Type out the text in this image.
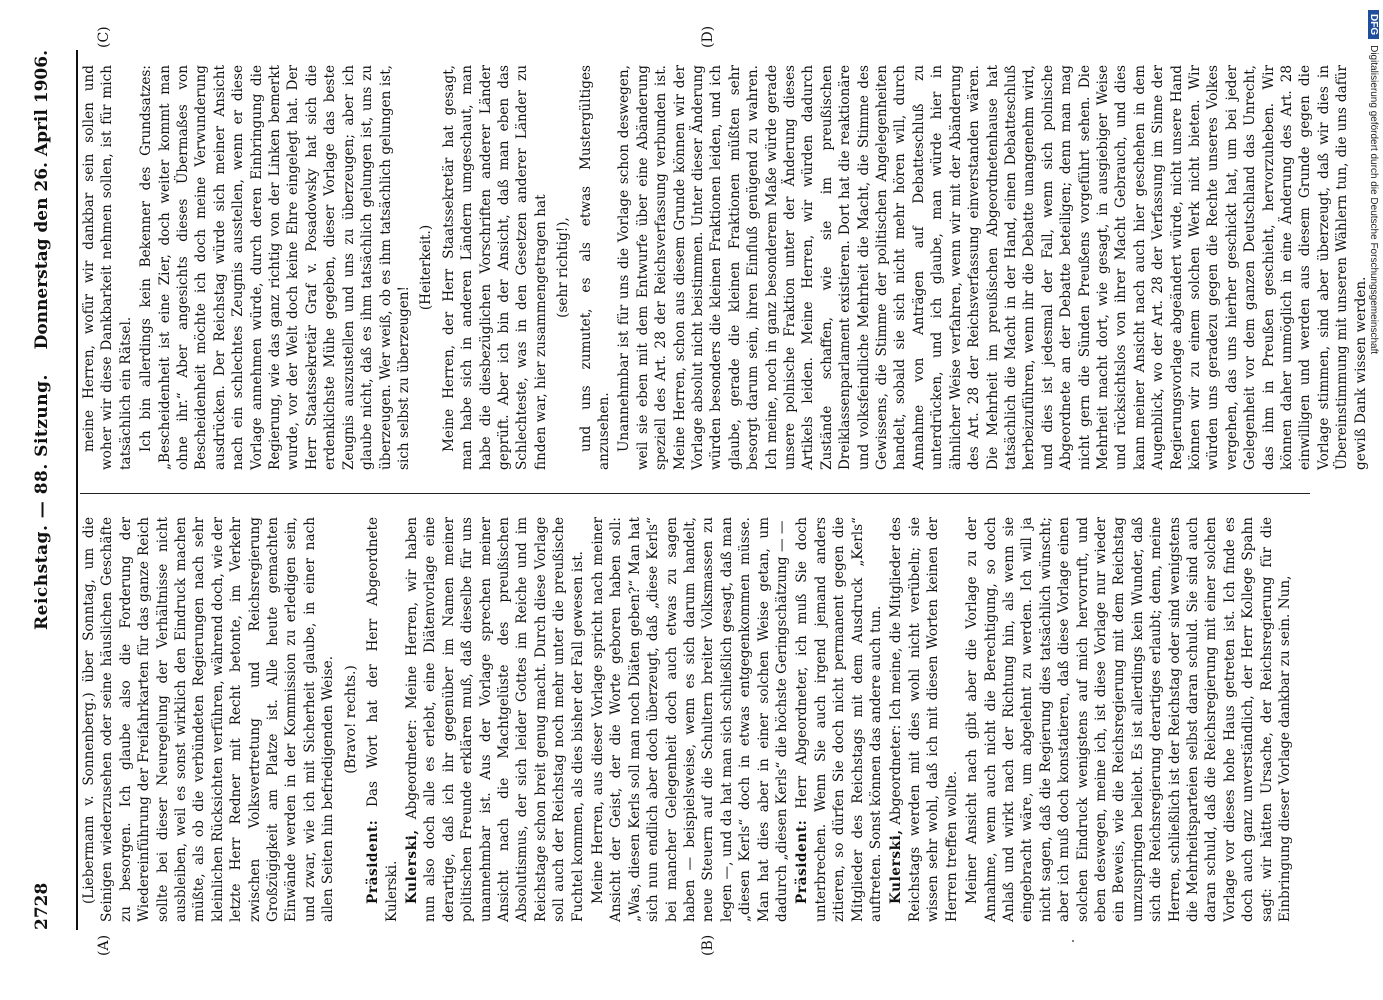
2728
Reichstag. — 88. Sitzung.
Donnerstag den 26. April 1906.
(A)	(B)
(C)	(D)

(Liebermann v. Sonnenberg.) über Sonntag, um die Seinigen wiederzusehen oder seine häuslichen Geschäfte zu besorgen. Ich glaube also die Forderung der Wiedereinführung der Freifahrkarten für das ganze Reich sollte bei dieser Neuregelung der Verhältnisse nicht ausbleiben, weil es sonst wirklich den Eindruck machen müßte, als ob die verbündeten Regierungen nach sehr kleinlichen Rücksichten verführen, während doch, wie der letzte Herr Redner mit Recht betonte, im Verkehr zwischen Volksvertretung und Reichsregierung Großzügigkeit am Platze ist. Alle heute gemachten Einwände werden in der Kommission zu erledigen sein, und zwar, wie ich mit Sicherheit glaube, in einer nach allen Seiten hin befriedigenden Weise. (Bravo! rechts.)

Präsident: Das Wort hat der Herr Abgeordnete Kulerski. Kulerski, Abgeordneter: Meine Herren, wir haben nun also doch alle es erlebt, eine Diätenvorlage eine derartige, daß ich ihr gegenüber im Namen meiner politischen Freunde erklären muß, daß dieselbe für uns unannehmbar ist. Aus der Vorlage sprechen meiner Ansicht nach die Machtgelüste des preußischen Absolutismus, der sich leider Gottes im Reiche und im Reichstage schon breit genug macht. Durch diese Vorlage soll auch der Reichstag noch mehr unter die preußische Fuchtel kommen, als dies bisher der Fall gewesen ist. Meine Herren, aus dieser Vorlage spricht nach meiner Ansicht der Geist, der die Worte geboren haben soll: „Was, diesen Kerls soll man noch Diäten geben?“ Man hat sich nun endlich aber doch überzeugt, daß „diese Kerls“ bei mancher Gelegenheit doch auch etwas zu sagen haben — beispielsweise, wenn es sich darum handelt, neue Steuern auf die Schultern breiter Volksmassen zu legen —, und da hat man sich schließlich gesagt, daß man „diesen Kerls“ doch in etwas entgegenkommen müsse. Man hat dies aber in einer solchen Weise getan, um dadurch „diesen Kerls“ die höchste Geringschätzung — — Präsident: Herr Abgeordneter, ich muß Sie doch unterbrechen. Wenn Sie auch irgend jemand anders zitieren, so dürfen Sie doch nicht permanent gegen die Mitglieder des Reichstags mit dem Ausdruck „Kerls“ auftreten. Sonst können das andere auch tun. Kulerski, Abgeordneter: Ich meine, die Mitglieder des Reichstags werden mit dies wohl nicht verübeln; sie wissen sehr wohl, daß ich mit diesen Worten keinen der Herren treffen wollte. Meiner Ansicht nach gibt aber die Vorlage zu der Annahme, wenn auch nicht die Berechtigung, so doch Anlaß und wirkt nach der Richtung hin, als wenn sie eingebracht wäre, um abgelehnt zu werden. Ich will ja nicht sagen, daß die Regierung dies tatsächlich wünscht; aber ich muß doch konstatieren, daß diese Vorlage einen solchen Eindruck wenigstens auf mich hervorruft, und eben deswegen, meine ich, ist diese Vorlage nur wieder ein Beweis, wie die Reichsregierung mit dem Reichstag umzuspringen beliebt. Es ist allerdings kein Wunder, daß sich die Reichsregierung derartiges erlaubt; denn, meine Herren, schließlich ist der Reichstag oder sind wenigstens die Mehrheitsparteien selbst daran schuld. Sie sind auch daran schuld, daß die Reichsregierung mit einer solchen Vorlage vor dieses hohe Haus getreten ist. Ich finde es doch auch ganz unverständlich, der Herr Kollege Spahn sagt: wir hätten Ursache, der Reichsregierung für die Einbringung dieser Vorlage dankbar zu sein. Nun,

meine Herren, wofür wir dankbar sein sollen und woher wir diese Dankbarkeit nehmen sollen, ist für mich tatsächlich ein Rätsel. Ich bin allerdings kein Bekenner des Grundsatzes: „Bescheidenheit ist eine Zier, doch weiter kommt man ohne ihr.“ Aber angesichts dieses Übermaßes von Bescheidenheit möchte ich doch meine Verwunderung ausdrücken. Der Reichstag würde sich meiner Ansicht nach ein schlechtes Zeugnis ausstellen, wenn er diese Vorlage annehmen würde, durch deren Einbringung die Regierung, wie das ganz richtig von der Linken bemerkt wurde, vor der Welt doch keine Ehre eingelegt hat. Der Herr Staatssekretär Graf v. Posadowsky hat sich die erdenklichste Mühe gegeben, dieser Vorlage das beste Zeugnis auszustellen und uns zu überzeugen; aber ich glaube nicht, daß es ihm tatsächlich gelungen ist, uns zu überzeugen. Wer weiß, ob es ihm tatsächlich gelungen ist, sich selbst zu überzeugen!

(Heiterkeit.) Meine Herren, der Herr Staatssekretär hat gesagt, man habe sich in anderen Ländern umgeschaut, man habe die diesbezüglichen Vorschriften anderer Länder geprüft. Aber ich bin der Ansicht, daß man eben das Schlechteste, was in den Gesetzen anderer Länder zu finden war, hier zusammengetragen hat (sehr richtig!), und uns zumutet, es als etwas Mustergültiges anzusehen. Unannehmbar ist für uns die Vorlage schon deswegen, weil sie eben mit dem Entwurfe über eine Abänderung speziell des Art. 28 der Reichsverfassung verbunden ist. Meine Herren, schon aus diesem Grunde können wir der Vorlage absolut nicht beistimmen. Unter dieser Änderung würden besonders die kleinen Fraktionen leiden, und ich glaube, gerade die kleinen Fraktionen müßten sehr besorgt darum sein, ihren Einfluß genügend zu wahren. Ich meine, noch in ganz besonderem Maße würde gerade unsere polnische Fraktion unter der Änderung dieses Artikels leiden. Meine Herren, wir würden dadurch Zustände schaffen, wie sie im preußischen Dreiklassenparlament existieren. Dort hat die reaktionäre und volksfeindliche Mehrheit die Macht, die Stimme des Gewissens, die Stimme der politischen Angelegenheiten handelt, sobald sie sich nicht mehr hören will, durch Annahme von Anträgen auf Debatteschluß zu unterdrücken, und ich glaube, man würde hier in ähnlicher Weise verfahren, wenn wir mit der Abänderung des Art. 28 der Reichsverfassung einverstanden wären. Die Mehrheit im preußischen Abgeordnetenhause hat tatsächlich die Macht in der Hand, einen Debatteschluß herbeizuführen, wenn ihr die Debatte unangenehm wird, und dies ist jedesmal der Fall, wenn sich polnische Abgeordnete an der Debatte beteiligen; denn man mag nicht gern die Sünden Preußens vorgeführt sehen. Die Mehrheit macht dort, wie gesagt, in ausgiebiger Weise und rücksichtslos von ihrer Macht Gebrauch, und dies kann meiner Ansicht nach auch hier geschehen in dem Augenblick, wo der Art. 28 der Verfassung im Sinne der Regierungsvorlage abgeändert würde, nicht unsere Hand können wir zu einem solchen Werk nicht bieten. Wir würden uns geradezu gegen die Rechte unseres Volkes vergehen, das uns hierher geschickt hat, um bei jeder Gelegenheit vor dem ganzen Deutschland das Unrecht, das ihm in Preußen geschieht, hervorzuheben. Wir können daher unmöglich in eine Änderung des Art. 28 einwilligen und werden aus diesem Grunde gegen die Vorlage stimmen, sind aber überzeugt, daß wir dies in Übereinstimmung mit unseren Wählern tun, die uns dafür gewiß Dank wissen werden.

DFGDigitalisierung gefördert durch die Deutsche Forschungsgemeinschaft
